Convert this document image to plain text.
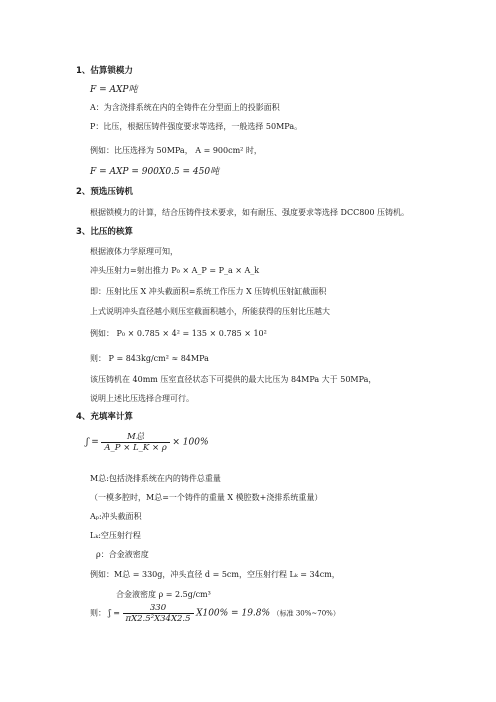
1、估算锁模力
F = AXP吨
A：为含浇排系统在内的全铸件在分型面上的投影面积
P：比压，根据压铸件强度要求等选择，一般选择 50MPa。
例如：比压选择为 50MPa， A = 900cm² 时，
F = AXP = 900X0.5 = 450吨
2、预选压铸机
根据锁模力的计算，结合压铸件技术要求，如有耐压、强度要求等选择 DCC800 压铸机。
3、比压的核算
根据液体力学原理可知，
冲头压射力=射出推力 P₀ × A_P = P_a × A_k
即：压射比压 X 冲头截面积=系统工作压力 X 压铸机压射缸截面积
上式说明冲头直径越小则压室截面积越小，所能获得的压射比压越大
例如： P₀ × 0.785 × 4² = 135 × 0.785 × 10²
则： P = 843kg/cm² ≈ 84MPa
该压铸机在 40mm 压室直径状态下可提供的最大比压为 84MPa 大于 50MPa，
说明上述比压选择合理可行。
4、充填率计算
ʃ = $\frac{\text{M总}}{A\_P \times L\_K \times \rho} \times 100\%$
M总:包括浇排系统在内的铸件总重量
（一模多腔时，M总=一个铸件的重量 X 模腔数+浇排系统重量）
Aₚ:冲头截面积
Lₖ:空压射行程
ρ：合金液密度
例如：M总 = 330g，冲头直径 d = 5cm，空压射行程 Lₖ = 34cm，
合金液密度 ρ = 2.5g/cm³
则： ʃ = $\frac{330}{\text{πX2.5²X34X2.5}} X100\% = 19.8\%$ （标准 30%~70%）
